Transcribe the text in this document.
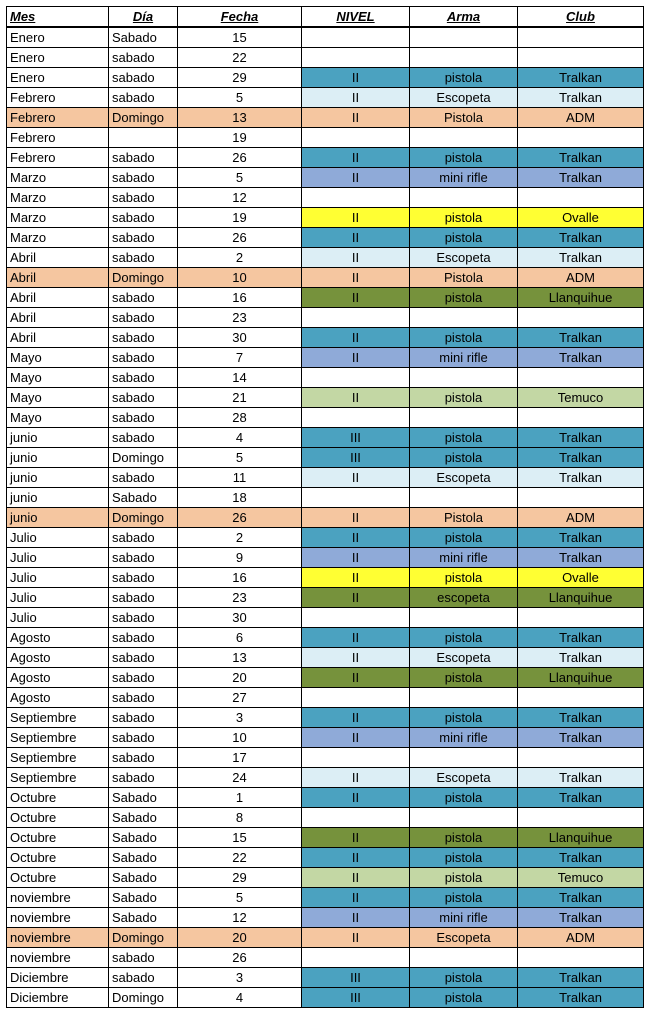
Mes	Día	Fecha	NIVEL	Arma	Club
Enero	Sabado	15			
Enero	sabado	22			
Enero	sabado	29	II	pistola	Tralkan
Febrero	sabado	5	II	Escopeta	Tralkan
Febrero	Domingo	13	II	Pistola	ADM
Febrero		19			
Febrero	sabado	26	II	pistola	Tralkan
Marzo	sabado	5	II	mini rifle	Tralkan
Marzo	sabado	12			
Marzo	sabado	19	II	pistola	Ovalle
Marzo	sabado	26	II	pistola	Tralkan
Abril	sabado	2	II	Escopeta	Tralkan
Abril	Domingo	10	II	Pistola	ADM
Abril	sabado	16	II	pistola	Llanquihue
Abril	sabado	23			
Abril	sabado	30	II	pistola	Tralkan
Mayo	sabado	7	II	mini rifle	Tralkan
Mayo	sabado	14			
Mayo	sabado	21	II	pistola	Temuco
Mayo	sabado	28			
junio	sabado	4	III	pistola	Tralkan
junio	Domingo	5	III	pistola	Tralkan
junio	sabado	11	II	Escopeta	Tralkan
junio	Sabado	18			
junio	Domingo	26	II	Pistola	ADM
Julio	sabado	2	II	pistola	Tralkan
Julio	sabado	9	II	mini rifle	Tralkan
Julio	sabado	16	II	pistola	Ovalle
Julio	sabado	23	II	escopeta	Llanquihue
Julio	sabado	30			
Agosto	sabado	6	II	pistola	Tralkan
Agosto	sabado	13	II	Escopeta	Tralkan
Agosto	sabado	20	II	pistola	Llanquihue
Agosto	sabado	27			
Septiembre	sabado	3	II	pistola	Tralkan
Septiembre	sabado	10	II	mini rifle	Tralkan
Septiembre	sabado	17			
Septiembre	sabado	24	II	Escopeta	Tralkan
Octubre	Sabado	1	II	pistola	Tralkan
Octubre	Sabado	8			
Octubre	Sabado	15	II	pistola	Llanquihue
Octubre	Sabado	22	II	pistola	Tralkan
Octubre	Sabado	29	II	pistola	Temuco
noviembre	Sabado	5	II	pistola	Tralkan
noviembre	Sabado	12	II	mini rifle	Tralkan
noviembre	Domingo	20	II	Escopeta	ADM
noviembre	sabado	26			
Diciembre	sabado	3	III	pistola	Tralkan
Diciembre	Domingo	4	III	pistola	Tralkan
